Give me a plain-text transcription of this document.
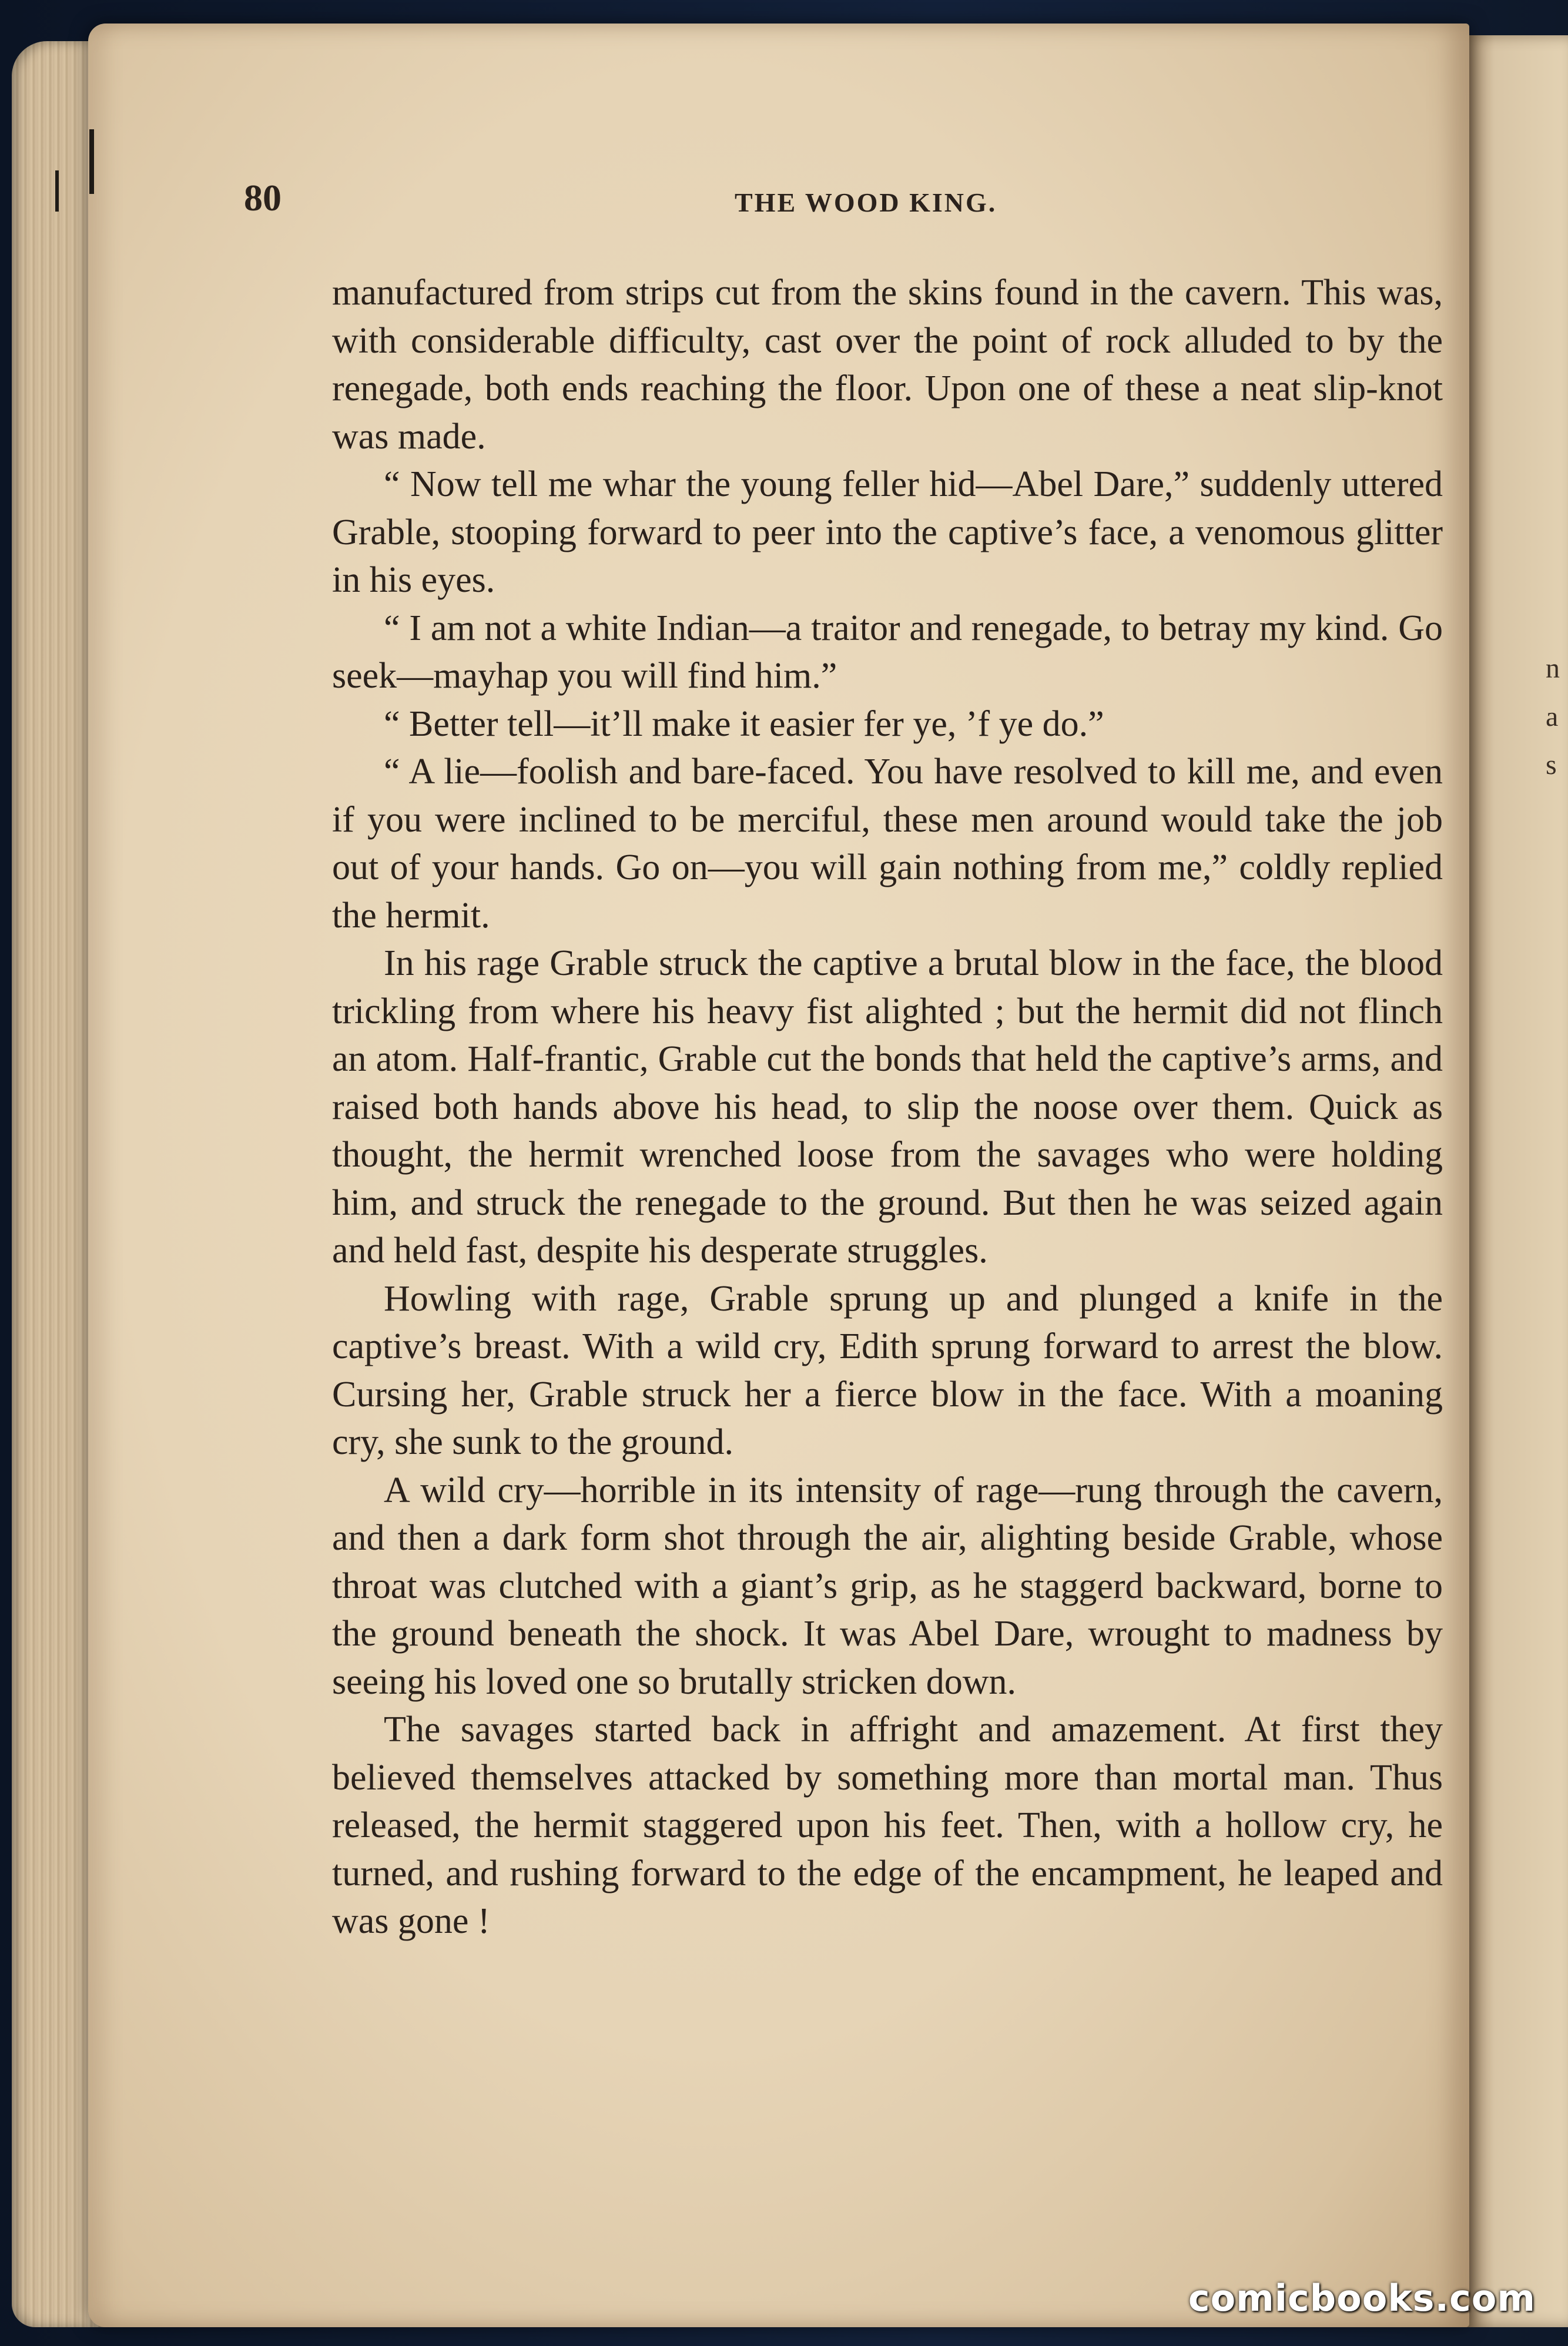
n
a
s
80	THE WOOD KING.

manufactured from strips cut from the skins found in the cavern. This was, with considerable difficulty, cast over the point of rock alluded to by the renegade, both ends reaching the floor. Upon one of these a neat slip-knot was made.

“ Now tell me whar the young feller hid—Abel Dare,” suddenly uttered Grable, stooping forward to peer into the captive’s face, a venomous glitter in his eyes.

“ I am not a white Indian—a traitor and renegade, to betray my kind. Go seek—mayhap you will find him.”

“ Better tell—it’ll make it easier fer ye, ’f ye do.”

“ A lie—foolish and bare-faced. You have resolved to kill me, and even if you were inclined to be merciful, these men around would take the job out of your hands. Go on—you will gain nothing from me,” coldly replied the hermit.

In his rage Grable struck the captive a brutal blow in the face, the blood trickling from where his heavy fist alighted ; but the hermit did not flinch an atom. Half-frantic, Grable cut the bonds that held the captive’s arms, and raised both hands above his head, to slip the noose over them. Quick as thought, the hermit wrenched loose from the savages who were holding him, and struck the renegade to the ground. But then he was seized again and held fast, despite his desperate struggles.

Howling with rage, Grable sprung up and plunged a knife in the captive’s breast. With a wild cry, Edith sprung forward to arrest the blow. Cursing her, Grable struck her a fierce blow in the face. With a moaning cry, she sunk to the ground.

A wild cry—horrible in its intensity of rage—rung through the cavern, and then a dark form shot through the air, alighting beside Grable, whose throat was clutched with a giant’s grip, as he staggerd backward, borne to the ground beneath the shock. It was Abel Dare, wrought to madness by seeing his loved one so brutally stricken down.

The savages started back in affright and amazement. At first they believed themselves attacked by something more than mortal man. Thus released, the hermit staggered upon his feet. Then, with a hollow cry, he turned, and rushing forward to the edge of the encampment, he leaped and was gone !

comicbooks.com
